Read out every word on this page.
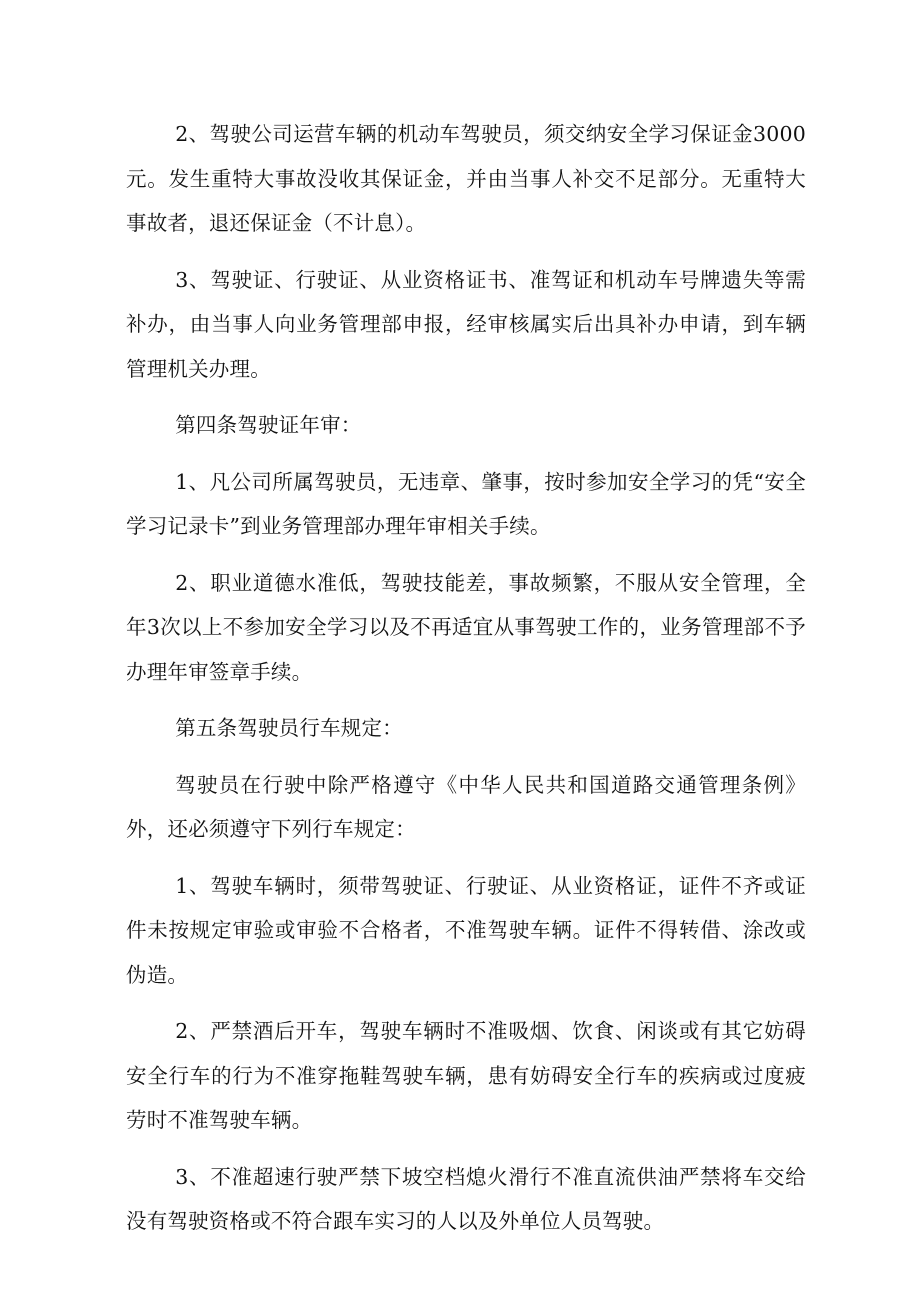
2、驾驶公司运营车辆的机动车驾驶员，须交纳安全学习保证金3000元。发生重特大事故没收其保证金，并由当事人补交不足部分。无重特大事故者，退还保证金（不计息）。

3、驾驶证、行驶证、从业资格证书、准驾证和机动车号牌遗失等需补办，由当事人向业务管理部申报，经审核属实后出具补办申请，到车辆管理机关办理。

第四条驾驶证年审：

1、凡公司所属驾驶员，无违章、肇事，按时参加安全学习的凭“安全学习记录卡”到业务管理部办理年审相关手续。

2、职业道德水准低，驾驶技能差，事故频繁，不服从安全管理，全年3次以上不参加安全学习以及不再适宜从事驾驶工作的，业务管理部不予办理年审签章手续。

第五条驾驶员行车规定：

驾驶员在行驶中除严格遵守《中华人民共和国道路交通管理条例》外，还必须遵守下列行车规定：

1、驾驶车辆时，须带驾驶证、行驶证、从业资格证，证件不齐或证件未按规定审验或审验不合格者，不准驾驶车辆。证件不得转借、涂改或伪造。

2、严禁酒后开车，驾驶车辆时不准吸烟、饮食、闲谈或有其它妨碍安全行车的行为不准穿拖鞋驾驶车辆，患有妨碍安全行车的疾病或过度疲劳时不准驾驶车辆。

3、不准超速行驶严禁下坡空档熄火滑行不准直流供油严禁将车交给没有驾驶资格或不符合跟车实习的人以及外单位人员驾驶。
